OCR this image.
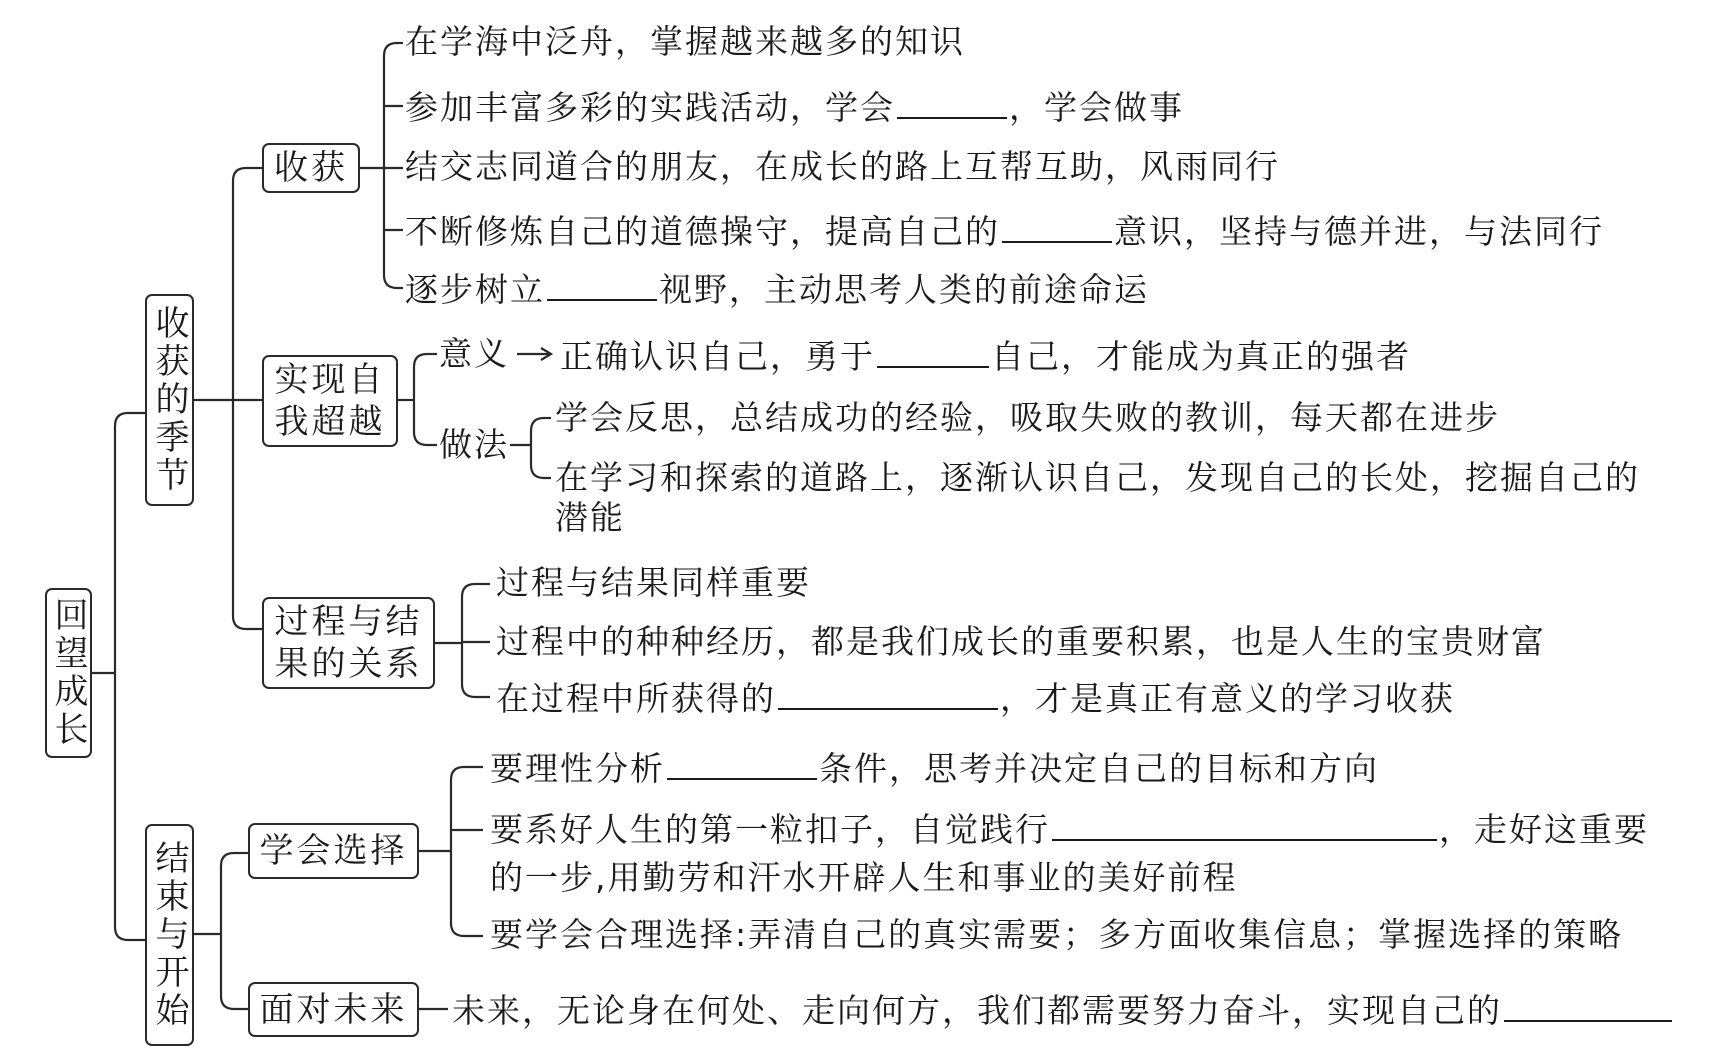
回望成长
收获的季节
结束与开始
收获
实现自
我超越
过程与结
果的关系
学会选择
面对未来
在学海中泛舟，掌握越来越多的知识
参加丰富多彩的实践活动，学会	，学会做事
结交志同道合的朋友，在成长的路上互帮互助，风雨同行
不断修炼自己的道德操守，提高自己的	意识，坚持与德并进，与法同行
逐步树立	视野，主动思考人类的前途命运
意义 正确认识自己，勇于	自己，才能成为真正的强者
做法
学会反思，总结成功的经验，吸取失败的教训，每天都在进步
在学习和探索的道路上，逐渐认识自己，发现自己的长处，挖掘自己的
潜能
过程与结果同样重要
过程中的种种经历，都是我们成长的重要积累，也是人生的宝贵财富
在过程中所获得的	，才是真正有意义的学习收获
要理性分析	条件，思考并决定自己的目标和方向
要系好人生的第一粒扣子，自觉践行	，走好这重要
的一步,用勤劳和汗水开辟人生和事业的美好前程
要学会合理选择:弄清自己的真实需要；多方面收集信息；掌握选择的策略
未来，无论身在何处、走向何方，我们都需要努力奋斗，实现自己的
